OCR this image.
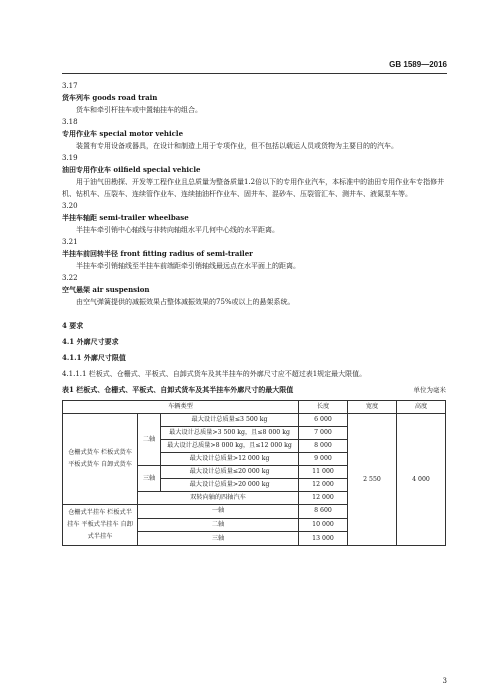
GB 1589—2016

3.17

货车列车 goods road train

货车和牵引杆挂车或中置轴挂车的组合。

3.18

专用作业车 special motor vehicle

装置有专用设备或器具，在设计和制造上用于专项作业，但不包括以载运人员或货物为主要目的的汽车。

3.19

油田专用作业车 oilfield special vehicle

用于油气田勘探、开发等工程作业且总质量为整备质量1.2倍以下的专用作业汽车，本标准中的油田专用作业车专指修井机、钻机车、压裂车、连续管作业车、连续抽油杆作业车、固井车、混砂车、压裂管汇车、测井车、液氮泵车等。

3.20

半挂车轴距 semi-trailer wheelbase

半挂车牵引销中心轴线与非转向轴组水平几何中心线的水平距离。

3.21

半挂车前回转半径 front fitting radius of semi-trailer

半挂车牵引销轴线至半挂车前端距牵引销轴线最远点在水平面上的距离。

3.22

空气悬架 air suspension

由空气弹簧提供的减振效果占整体减振效果的75%或以上的悬架系统。

4 要求

4.1 外廓尺寸要求

4.1.1 外廓尺寸限值

4.1.1.1 栏板式、仓栅式、平板式、自卸式货车及其半挂车的外廓尺寸应不超过表1规定最大限值。

表1 栏板式、仓栅式、平板式、自卸式货车及其半挂车外廓尺寸的最大限值	单位为毫米
车辆类型			长度	宽度	高度
仓栅式货车 栏板式货车 平板式货车 自卸式货车	二轴	最大设计总质量≤3 500 kg	6 000	2 550	4 000
		最大设计总质量>3 500 kg，且≤8 000 kg	7 000		
		最大设计总质量>8 000 kg，且≤12 000 kg	8 000		
		最大设计总质量>12 000 kg	9 000		
	三轴	最大设计总质量≤20 000 kg	11 000		
		最大设计总质量>20 000 kg	12 000		
	双转向轴的四轴汽车		12 000		
仓栅式半挂车 栏板式半挂车 平板式半挂车 自卸式半挂车	一轴		8 600		
	二轴		10 000		
	三轴		13 000		
3
